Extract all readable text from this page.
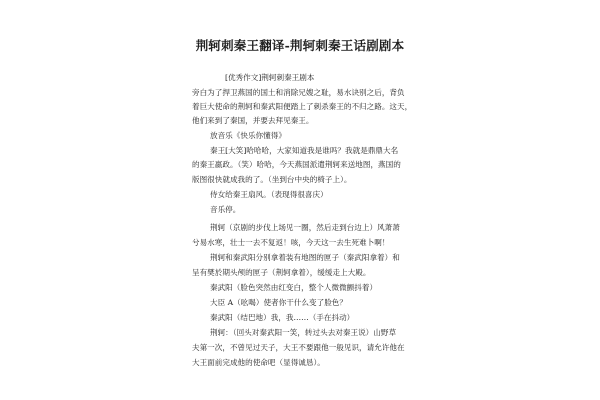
荆轲刺秦王翻译-荆轲刺秦王话剧剧本
[优秀作文]荆轲刺秦王剧本
旁白为了捍卫燕国的国土和消除兄嫂之耻，易水诀别之后，背负
着巨大使命的荆轲和秦武阳便踏上了刺杀秦王的不归之路。这天，
他们来到了秦国，并要去拜见秦王。
放音乐《快乐你懂得》
秦王[大笑]哈哈哈，大家知道我是谁吗？我就是鼎鼎大名
的秦王嬴政。（笑）哈哈，今天燕国派遣荆轲来送地图，燕国的
版图很快就成我的了。（坐到台中央的椅子上）。
侍女给秦王扇风。（表现得很喜庆）
音乐停。
荆轲（京剧的步伐上场见一圈，然后走到台边上）风萧萧
兮易水寒，壮士一去不复返！咳，今天这一去生死难卜啊！
荆轲和秦武阳分别拿着装有地图的匣子（秦武阳拿着）和
呈有樊於期头颅的匣子（荆轲拿着），缓缓走上大殿。
秦武阳（脸色突然由红变白，整个人微微颤抖着）
大臣 A（吆喝）使者你干什么变了脸色？
秦武阳（结巴地）我，我……（手在抖动）
荆轲：（回头对秦武阳一笑，转过头去对秦王说）山野草
夫第一次，不曾见过天子，大王不要跟他一般见识，请允许他在
大王面前完成他的使命吧（显得诚恳）。
